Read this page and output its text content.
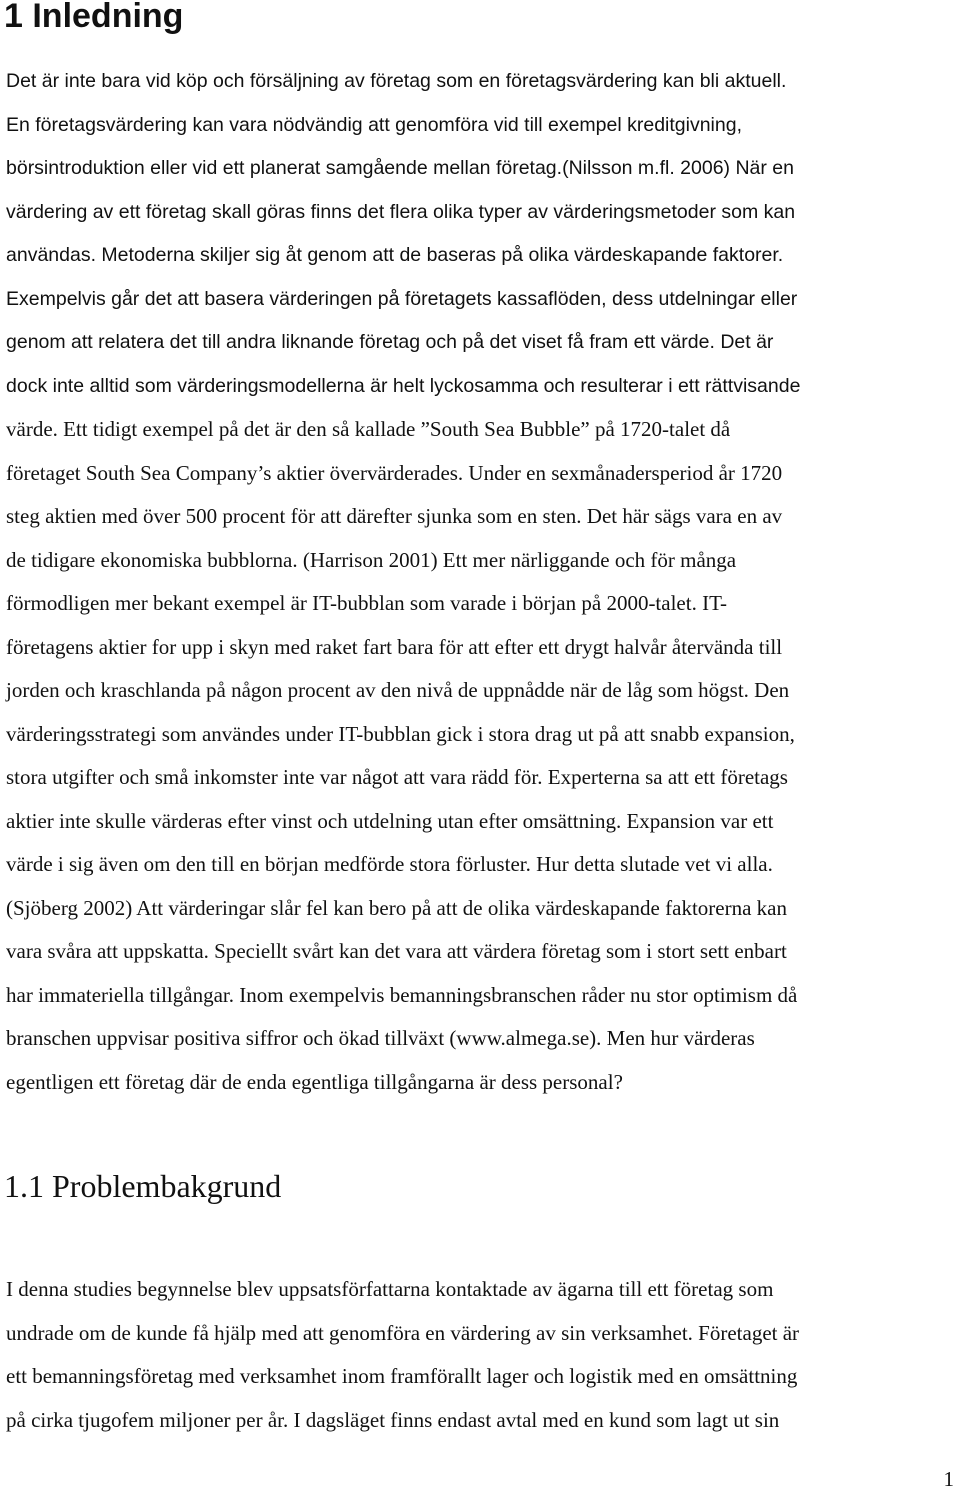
1 Inledning
Det är inte bara vid köp och försäljning av företag som en företagsvärdering kan bli aktuell.
En företagsvärdering kan vara nödvändig att genomföra vid till exempel kreditgivning,
börsintroduktion eller vid ett planerat samgående mellan företag.(Nilsson m.fl. 2006) När en
värdering av ett företag skall göras finns det flera olika typer av värderingsmetoder som kan
användas. Metoderna skiljer sig åt genom att de baseras på olika värdeskapande faktorer.
Exempelvis går det att basera värderingen på företagets kassaflöden, dess utdelningar eller
genom att relatera det till andra liknande företag och på det viset få fram ett värde. Det är
dock inte alltid som värderingsmodellerna är helt lyckosamma och resulterar i ett rättvisande
värde. Ett tidigt exempel på det är den så kallade ”South Sea Bubble” på 1720-talet då
företaget South Sea Company’s aktier övervärderades. Under en sexmånadersperiod år 1720
steg aktien med över 500 procent för att därefter sjunka som en sten. Det här sägs vara en av
de tidigare ekonomiska bubblorna. (Harrison 2001) Ett mer närliggande och för många
förmodligen mer bekant exempel är IT-bubblan som varade i början på 2000-talet. IT-
företagens aktier for upp i skyn med raket fart bara för att efter ett drygt halvår återvända till
jorden och kraschlanda på någon procent av den nivå de uppnådde när de låg som högst. Den
värderingsstrategi som användes under IT-bubblan gick i stora drag ut på att snabb expansion,
stora utgifter och små inkomster inte var något att vara rädd för. Experterna sa att ett företags
aktier inte skulle värderas efter vinst och utdelning utan efter omsättning. Expansion var ett
värde i sig även om den till en början medförde stora förluster. Hur detta slutade vet vi alla.
(Sjöberg 2002) Att värderingar slår fel kan bero på att de olika värdeskapande faktorerna kan
vara svåra att uppskatta. Speciellt svårt kan det vara att värdera företag som i stort sett enbart
har immateriella tillgångar. Inom exempelvis bemanningsbranschen råder nu stor optimism då
branschen uppvisar positiva siffror och ökad tillväxt (www.almega.se). Men hur värderas
egentligen ett företag där de enda egentliga tillgångarna är dess personal?
1.1 Problembakgrund
I denna studies begynnelse blev uppsatsförfattarna kontaktade av ägarna till ett företag som
undrade om de kunde få hjälp med att genomföra en värdering av sin verksamhet. Företaget är
ett bemanningsföretag med verksamhet inom framförallt lager och logistik med en omsättning
på cirka tjugofem miljoner per år. I dagsläget finns endast avtal med en kund som lagt ut sin
1
